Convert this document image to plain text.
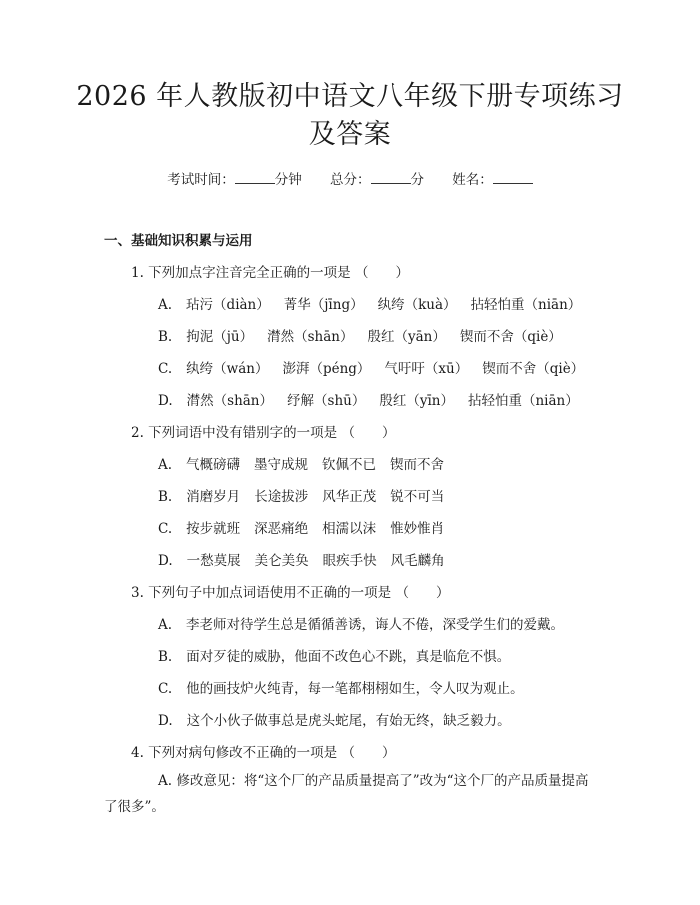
2026 年人教版初中语文八年级下册专项练习
及答案
考试时间：	分钟 总分：	分 姓名：
一、基础知识积累与运用
1. 下列加点字注音完全正确的一项是 （　　）
A. 玷污（diàn） 菁华（jīng） 纨绔（kuà） 拈轻怕重（niān）
B. 拘泥（jū） 潸然（shān） 殷红（yān） 锲而不舍（qiè）
C. 纨绔（wán） 澎湃（péng） 气吁吁（xū） 锲而不舍（qiè）
D. 潸然（shān） 纾解（shū） 殷红（yīn） 拈轻怕重（niān）
2. 下列词语中没有错别字的一项是 （　　）
A. 气概磅礴 墨守成规 钦佩不已 锲而不舍
B. 消磨岁月 长途拔涉 风华正茂 锐不可当
C. 按步就班 深恶痛绝 相濡以沫 惟妙惟肖
D. 一愁莫展 美仑美奂 眼疾手快 风毛麟角
3. 下列句子中加点词语使用不正确的一项是 （　　）
A. 李老师对待学生总是循循善诱，诲人不倦，深受学生们的爱戴。
B. 面对歹徒的威胁，他面不改色心不跳，真是临危不惧。
C. 他的画技炉火纯青，每一笔都栩栩如生，令人叹为观止。
D. 这个小伙子做事总是虎头蛇尾，有始无终，缺乏毅力。
4. 下列对病句修改不正确的一项是 （　　）
A. 修改意见：将“这个厂的产品质量提高了”改为“这个厂的产品质量提高了很多”。
